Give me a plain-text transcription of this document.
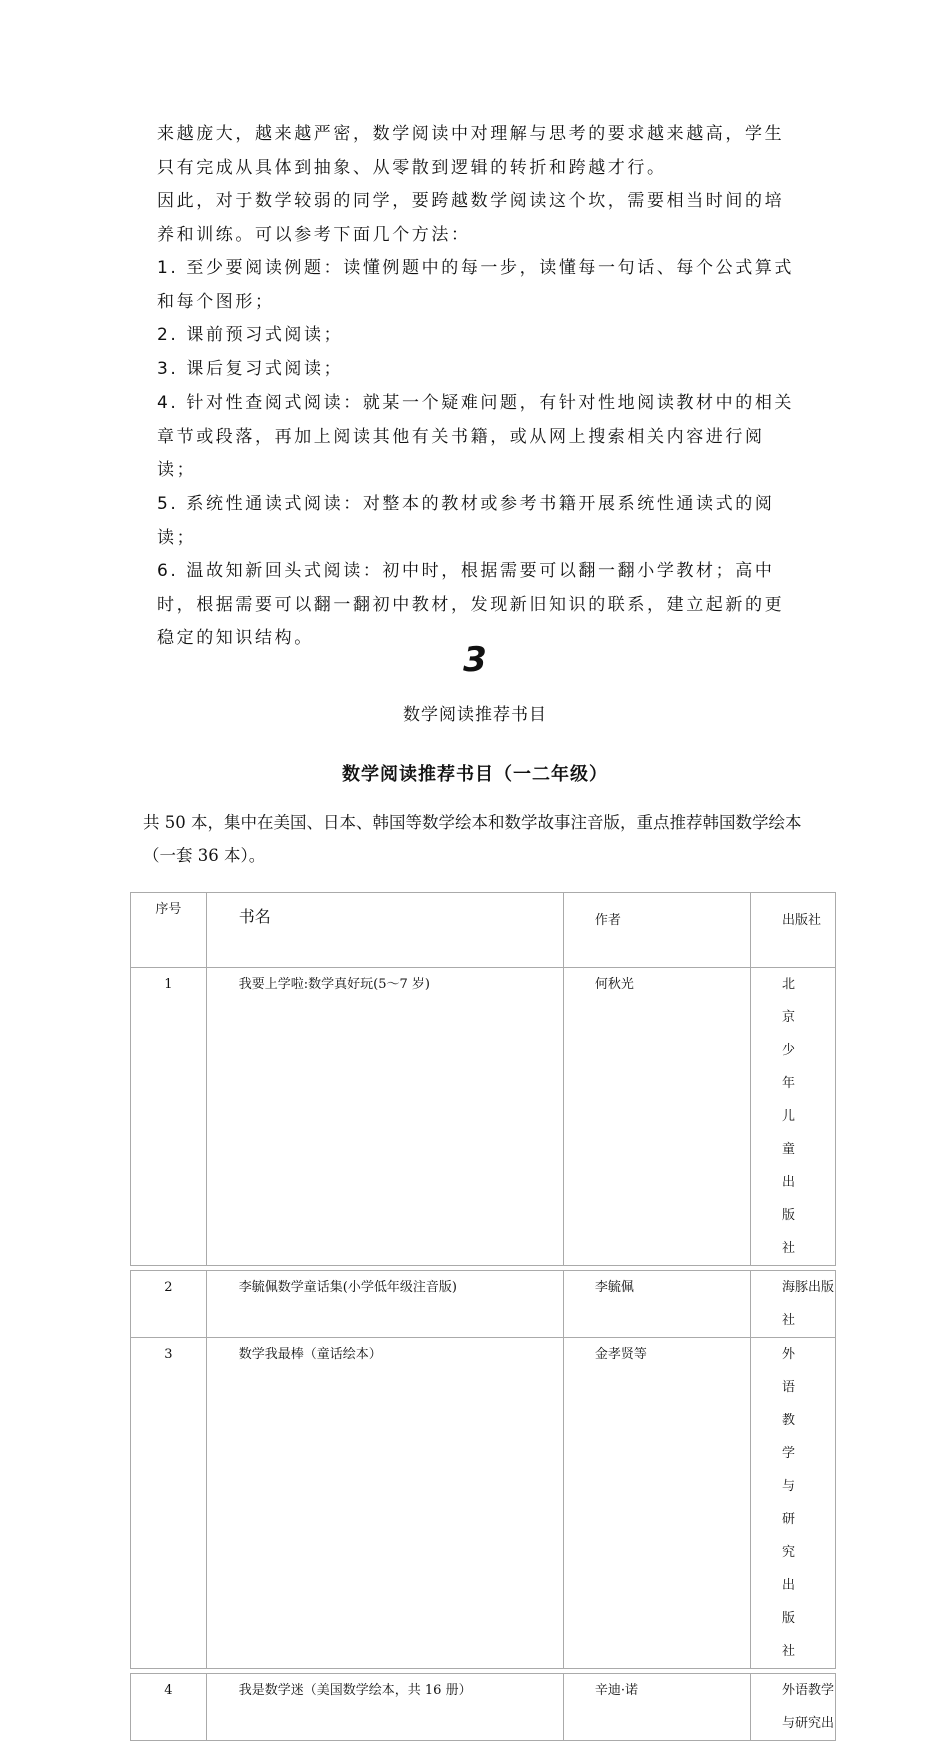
来越庞大，越来越严密，数学阅读中对理解与思考的要求越来越高，学生只有完成从具体到抽象、从零散到逻辑的转折和跨越才行。
因此，对于数学较弱的同学，要跨越数学阅读这个坎，需要相当时间的培养和训练。可以参考下面几个方法：
1. 至少要阅读例题：读懂例题中的每一步，读懂每一句话、每个公式算式和每个图形；
2. 课前预习式阅读；
3. 课后复习式阅读；
4. 针对性查阅式阅读：就某一个疑难问题，有针对性地阅读教材中的相关章节或段落，再加上阅读其他有关书籍，或从网上搜索相关内容进行阅读；
5. 系统性通读式阅读：对整本的教材或参考书籍开展系统性通读式的阅读；
6. 温故知新回头式阅读：初中时，根据需要可以翻一翻小学教材；高中时，根据需要可以翻一翻初中教材，发现新旧知识的联系，建立起新的更稳定的知识结构。
3
数学阅读推荐书目
数学阅读推荐书目（一二年级）
共 50 本，集中在美国、日本、韩国等数学绘本和数学故事注音版，重点推荐韩国数学绘本（一套 36 本）。
序号	书名	作者	出版社
1	我要上学啦:数学真好玩(5～7 岁)	何秋光	北京少年儿童出版社

2	李毓佩数学童话集(小学低年级注音版)	李毓佩	海豚出版社
3	数学我最棒（童话绘本）	金孝贤等	外语教学与研究出版社

4	我是数学迷（美国数学绘本，共 16 册）	辛迪·诺	外语教学与研究出
